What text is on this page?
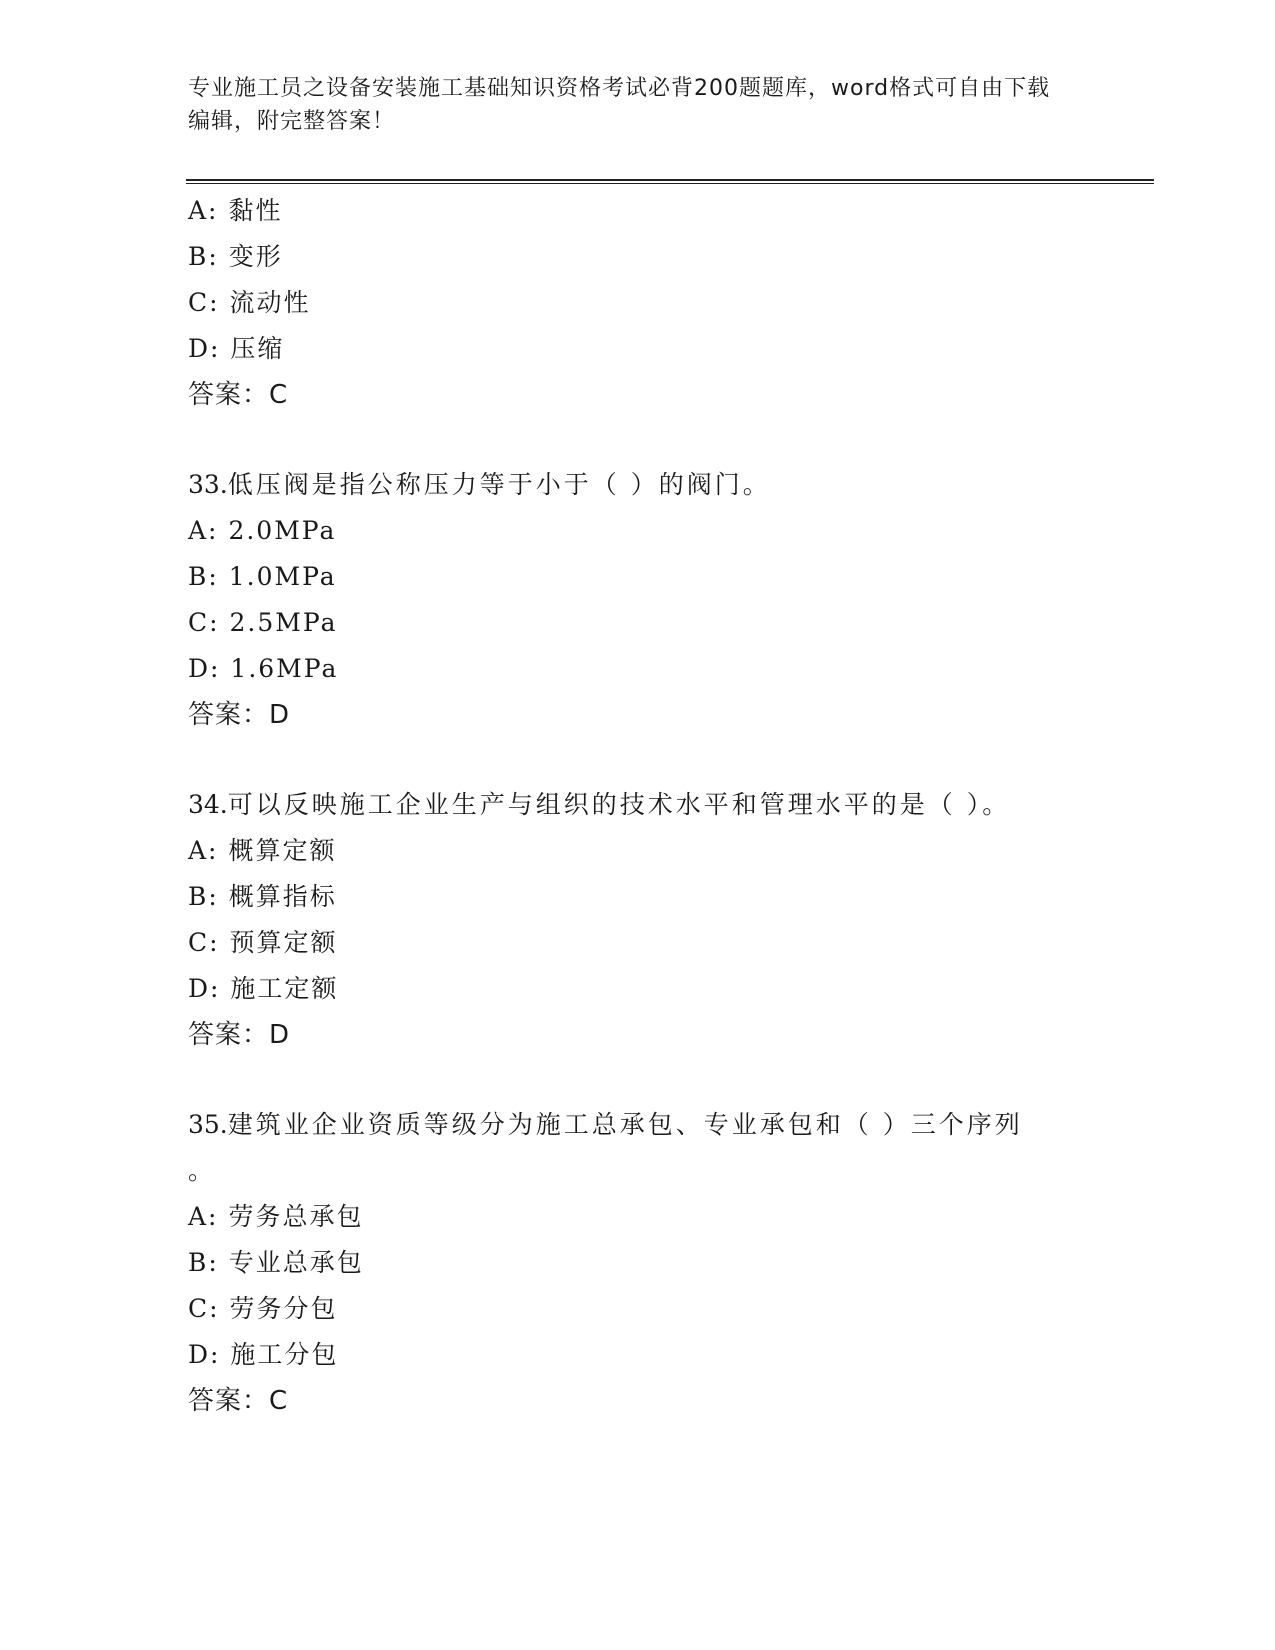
专业施工员之设备安装施工基础知识资格考试必背200题题库，word格式可自由下载编辑，附完整答案！
A: 黏性
B: 变形
C: 流动性
D: 压缩
答案：C
33.低压阀是指公称压力等于小于（ ）的阀门。
A: 2.0MPa
B: 1.0MPa
C: 2.5MPa
D: 1.6MPa
答案：D
34.可以反映施工企业生产与组织的技术水平和管理水平的是（ ）。
A: 概算定额
B: 概算指标
C: 预算定额
D: 施工定额
答案：D
35.建筑业企业资质等级分为施工总承包、专业承包和（ ）三个序列
。
A: 劳务总承包
B: 专业总承包
C: 劳务分包
D: 施工分包
答案：C
